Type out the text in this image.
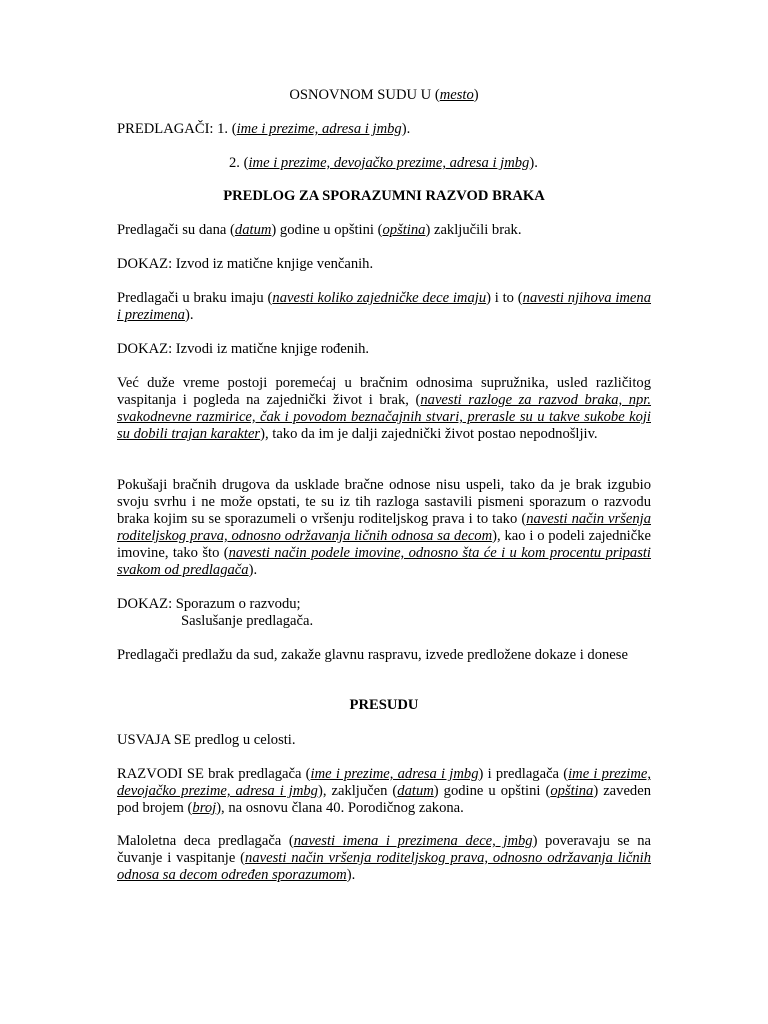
OSNOVNOM SUDU U (mesto)

PREDLAGAČI: 1. (ime i prezime, adresa i jmbg).

2. (ime i prezime, devojačko prezime, adresa i jmbg).

PREDLOG ZA SPORAZUMNI RAZVOD BRAKA

Predlagači su dana (datum) godine u opštini (opština) zaključili brak.

DOKAZ: Izvod iz matične knjige venčanih.

Predlagači u braku imaju (navesti koliko zajedničke dece imaju) i to (navesti njihova imena i prezimena).

DOKAZ: Izvodi iz matične knjige rođenih.

Već duže vreme postoji poremećaj u bračnim odnosima supružnika, usled različitog vaspitanja i pogleda na zajednički život i brak, (navesti razloge za razvod braka, npr. svakodnevne razmirice, čak i povodom beznačajnih stvari, prerasle su u takve sukobe koji su dobili trajan karakter), tako da im je dalji zajednički život postao nepodnošljiv.

Pokušaji bračnih drugova da usklade bračne odnose nisu uspeli, tako da je brak izgubio svoju svrhu i ne može opstati, te su iz tih razloga sastavili pismeni sporazum o razvodu braka kojim su se sporazumeli o vršenju roditeljskog prava i to tako (navesti način vršenja roditeljskog prava, odnosno održavanja ličnih odnosa sa decom), kao i o podeli zajedničke imovine, tako što (navesti način podele imovine, odnosno šta će i u kom procentu pripasti svakom od predlagača).

DOKAZ: Sporazum o razvodu;
Saslušanje predlagača.

Predlagači predlažu da sud, zakaže glavnu raspravu, izvede predložene dokaze i donese

PRESUDU

USVAJA SE predlog u celosti.

RAZVODI SE brak predlagača (ime i prezime, adresa i jmbg) i predlagača (ime i prezime, devojačko prezime, adresa i jmbg), zaključen (datum) godine u opštini (opština) zaveden pod brojem (broj), na osnovu člana 40. Porodičnog zakona.

Maloletna deca predlagača (navesti imena i prezimena dece, jmbg) poveravaju se na čuvanje i vaspitanje (navesti način vršenja roditeljskog prava, odnosno održavanja ličnih odnosa sa decom određen sporazumom).
